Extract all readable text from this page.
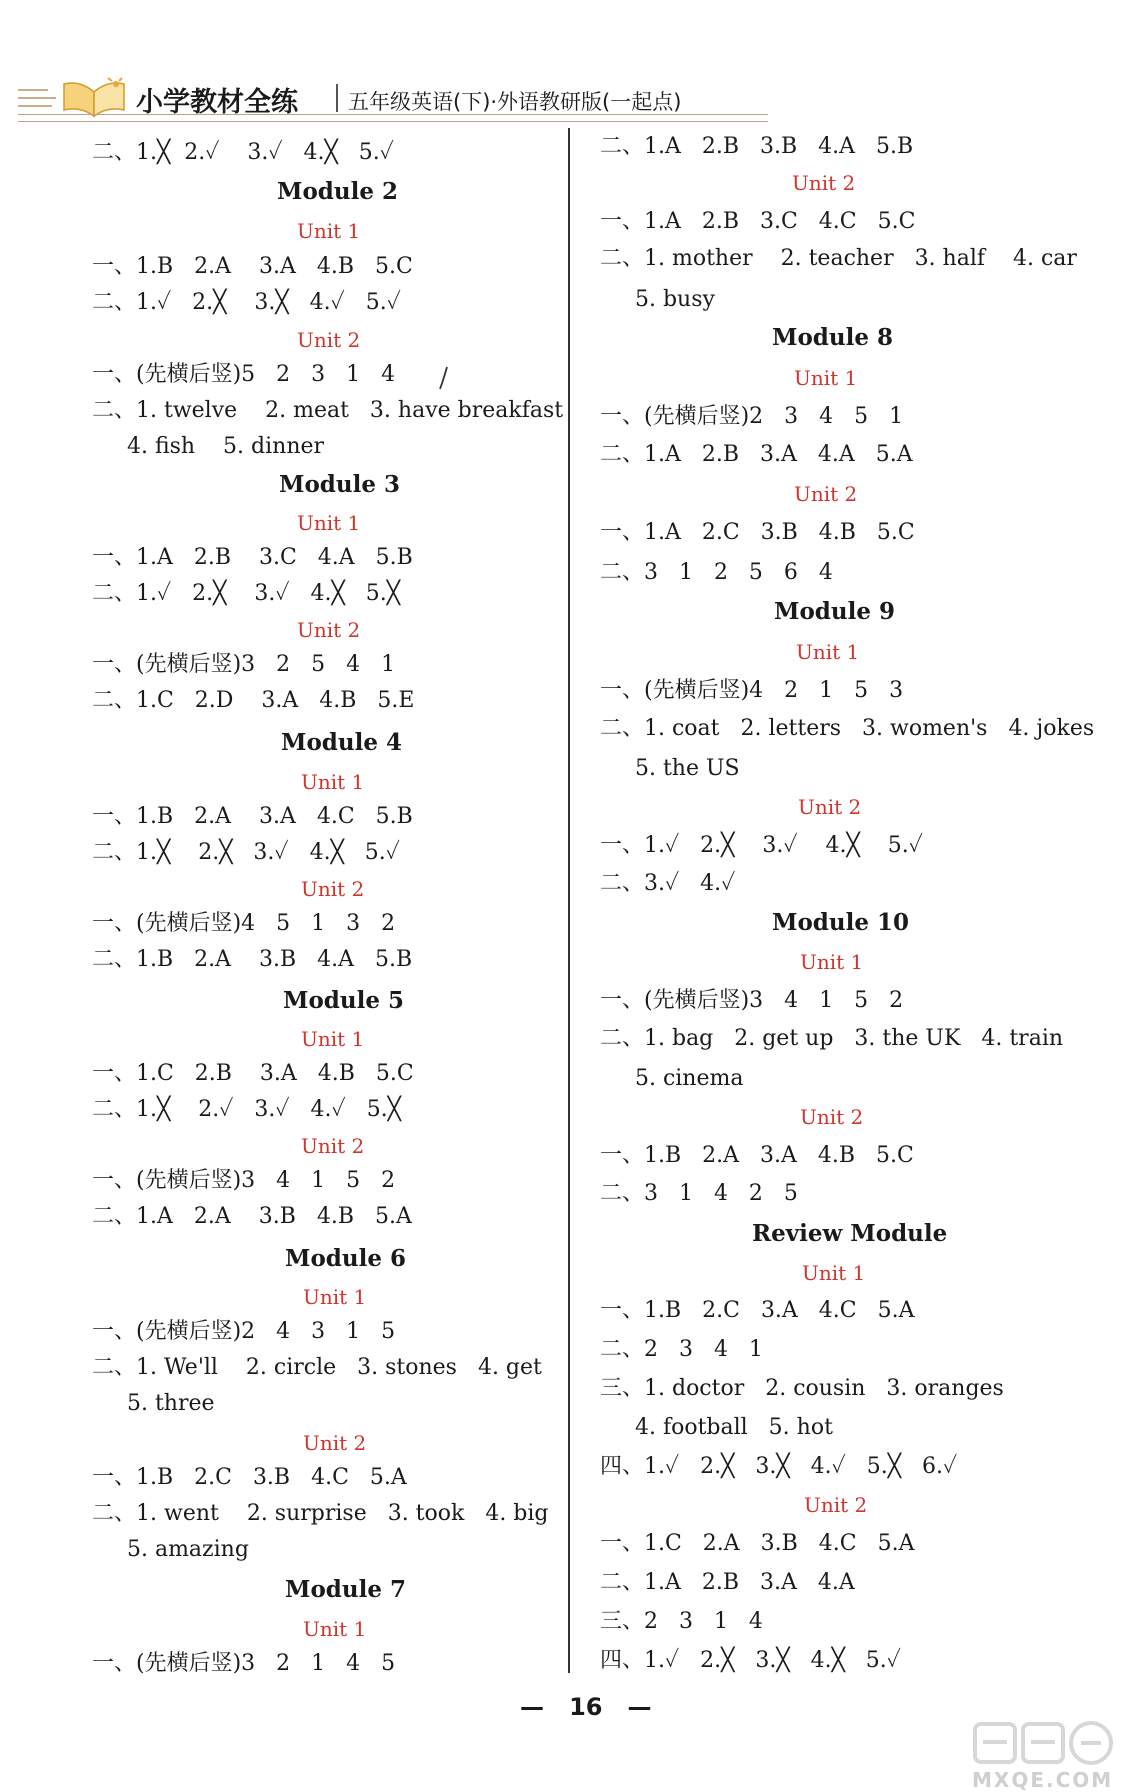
小学教材全练 五年级英语(下)·外语教研版(一起点)
二、1.╳  2.✓    3.✓   4.╳   5.✓
Module 2
Unit 1
一、1.B   2.A    3.A   4.B   5.C
二、1.✓   2.╳    3.╳   4.✓   5.✓
Unit 2
一、(先横后竖)5   2   3   1   4
二、1. twelve    2. meat   3. have breakfast
4. fish    5. dinner
Module 3
Unit 1
一、1.A   2.B    3.C   4.A   5.B
二、1.✓   2.╳    3.✓   4.╳   5.╳
Unit 2
一、(先横后竖)3   2   5   4   1
二、1.C   2.D    3.A   4.B   5.E
Module 4
Unit 1
一、1.B   2.A    3.A   4.C   5.B
二、1.╳    2.╳   3.✓   4.╳   5.✓
Unit 2
一、(先横后竖)4   5   1   3   2
二、1.B   2.A    3.B   4.A   5.B
Module 5
Unit 1
一、1.C   2.B    3.A   4.B   5.C
二、1.╳    2.✓   3.✓   4.✓   5.╳
Unit 2
一、(先横后竖)3   4   1   5   2
二、1.A   2.A    3.B   4.B   5.A
Module 6
Unit 1
一、(先横后竖)2   4   3   1   5
二、1. We'll    2. circle   3. stones   4. get
5. three
Unit 2
一、1.B   2.C   3.B   4.C   5.A
二、1. went    2. surprise   3. took   4. big
5. amazing
Module 7
Unit 1
一、(先横后竖)3   2   1   4   5
二、1.A   2.B   3.B   4.A   5.B
Unit 2
一、1.A   2.B   3.C   4.C   5.C
二、1. mother    2. teacher   3. half    4. car
5. busy
Module 8
Unit 1
一、(先横后竖)2   3   4   5   1
二、1.A   2.B   3.A   4.A   5.A
Unit 2
一、1.A   2.C   3.B   4.B   5.C
二、3   1   2   5   6   4
Module 9
Unit 1
一、(先横后竖)4   2   1   5   3
二、1. coat   2. letters   3. women's   4. jokes
5. the US
Unit 2
一、1.✓   2.╳    3.✓    4.╳    5.✓
二、3.✓   4.✓
Module 10
Unit 1
一、(先横后竖)3   4   1   5   2
二、1. bag   2. get up   3. the UK   4. train
5. cinema
Unit 2
一、1.B   2.A   3.A   4.B   5.C
二、3   1   4   2   5
Review Module
Unit 1
一、1.B   2.C   3.A   4.C   5.A
二、2   3   4   1
三、1. doctor   2. cousin   3. oranges
4. football   5. hot
四、1.✓   2.╳   3.╳   4.✓   5.╳   6.✓
Unit 2
一、1.C   2.A   3.B   4.C   5.A
二、1.A   2.B   3.A   4.A
三、2   3   1   4
四、1.✓   2.╳   3.╳   4.╳   5.✓
—   16   —
MXQE.COM
